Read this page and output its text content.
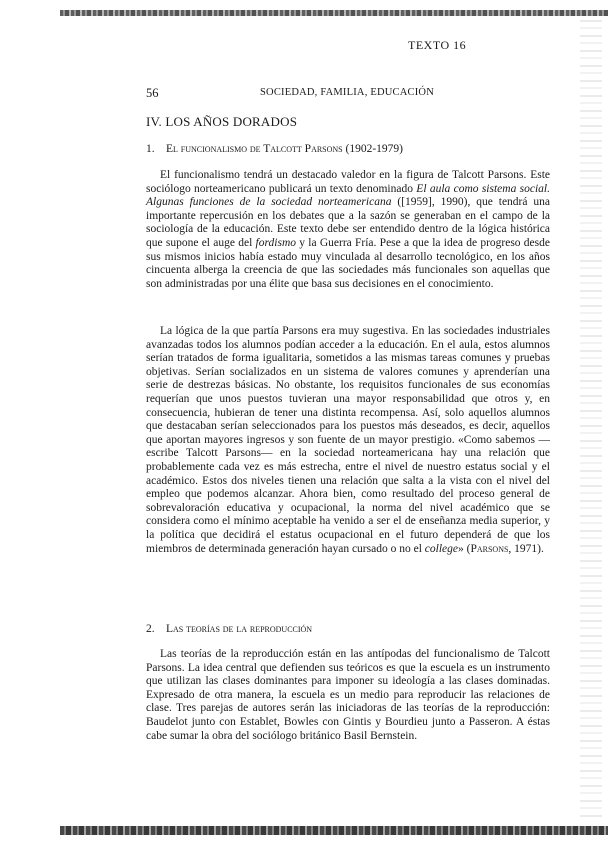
TEXTO 16
56	SOCIEDAD, FAMILIA, EDUCACIÓN
IV. LOS AÑOS DORADOS
1. El funcionalismo de Talcott Parsons (1902-1979)

El funcionalismo tendrá un destacado valedor en la figura de Talcott Parsons. Este sociólogo norteamericano publicará un texto denominado El aula como sistema social. Algunas funciones de la sociedad norteamericana ([1959], 1990), que tendrá una importante repercusión en los debates que a la sazón se generaban en el campo de la sociología de la educación. Este texto debe ser entendido dentro de la lógica histórica que supone el auge del fordismo y la Guerra Fría. Pese a que la idea de progreso desde sus mismos inicios había estado muy vinculada al desarrollo tecnológico, en los años cincuenta alberga la creencia de que las sociedades más funcionales son aquellas que son administradas por una élite que basa sus decisiones en el conocimiento.

La lógica de la que partía Parsons era muy sugestiva. En las sociedades industriales avanzadas todos los alumnos podían acceder a la educación. En el aula, estos alumnos serían tratados de forma igualitaria, sometidos a las mismas tareas comunes y pruebas objetivas. Serían socializados en un sistema de valores comunes y aprenderían una serie de destrezas básicas. No obstante, los requisitos funcionales de sus economías requerían que unos puestos tuvieran una mayor responsabilidad que otros y, en consecuencia, hubieran de tener una distinta recompensa. Así, solo aquellos alumnos que destacaban serían seleccionados para los puestos más deseados, es decir, aquellos que aportan mayores ingresos y son fuente de un mayor prestigio. «Como sabemos —escribe Talcott Parsons— en la sociedad norteamericana hay una relación que probablemente cada vez es más estrecha, entre el nivel de nuestro estatus social y el académico. Estos dos niveles tienen una relación que salta a la vista con el nivel del empleo que podemos alcanzar. Ahora bien, como resultado del proceso general de sobrevaloración educativa y ocupacional, la norma del nivel académico que se considera como el mínimo aceptable ha venido a ser el de enseñanza media superior, y la política que decidirá el estatus ocupacional en el futuro dependerá de que los miembros de determinada generación hayan cursado o no el college» (Parsons, 1971).

2. Las teorías de la reproducción

Las teorías de la reproducción están en las antípodas del funcionalismo de Talcott Parsons. La idea central que defienden sus teóricos es que la escuela es un instrumento que utilizan las clases dominantes para imponer su ideología a las clases dominadas. Expresado de otra manera, la escuela es un medio para reproducir las relaciones de clase. Tres parejas de autores serán las iniciadoras de las teorías de la reproducción: Baudelot junto con Establet, Bowles con Gintis y Bourdieu junto a Passeron. A éstas cabe sumar la obra del sociólogo británico Basil Bernstein.
